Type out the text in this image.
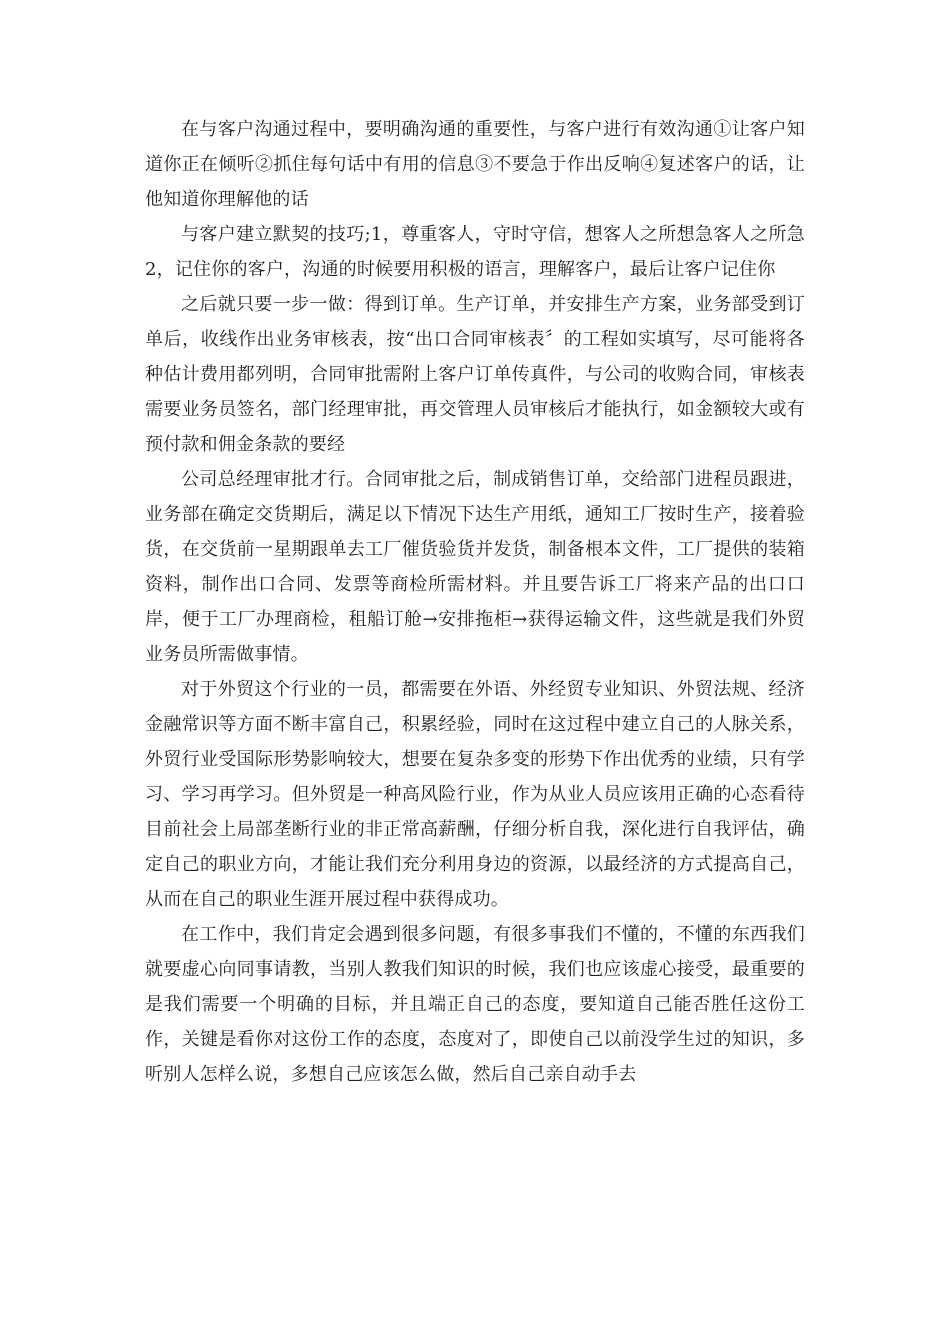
在与客户沟通过程中，要明确沟通的重要性，与客户进行有效沟通①让客户知道你正在倾听②抓住每句话中有用的信息③不要急于作出反响④复述客户的话，让他知道你理解他的话

与客户建立默契的技巧;1，尊重客人，守时守信，想客人之所想急客人之所急2，记住你的客户，沟通的时候要用积极的语言，理解客户，最后让客户记住你

之后就只要一步一做：得到订单。生产订单，并安排生产方案，业务部受到订单后，收线作出业务审核表，按“出口合同审核表〞的工程如实填写，尽可能将各种估计费用都列明，合同审批需附上客户订单传真件，与公司的收购合同，审核表需要业务员签名，部门经理审批，再交管理人员审核后才能执行，如金额较大或有预付款和佣金条款的要经

公司总经理审批才行。合同审批之后，制成销售订单，交给部门进程员跟进，业务部在确定交货期后，满足以下情况下达生产用纸，通知工厂按时生产，接着验货，在交货前一星期跟单去工厂催货验货并发货，制备根本文件，工厂提供的装箱资料，制作出口合同、发票等商检所需材料。并且要告诉工厂将来产品的出口口岸，便于工厂办理商检，租船订舱→安排拖柜→获得运输文件，这些就是我们外贸业务员所需做事情。

对于外贸这个行业的一员，都需要在外语、外经贸专业知识、外贸法规、经济金融常识等方面不断丰富自己，积累经验，同时在这过程中建立自己的人脉关系，外贸行业受国际形势影响较大，想要在复杂多变的形势下作出优秀的业绩，只有学习、学习再学习。但外贸是一种高风险行业，作为从业人员应该用正确的心态看待目前社会上局部垄断行业的非正常高薪酬，仔细分析自我，深化进行自我评估，确定自己的职业方向，才能让我们充分利用身边的资源，以最经济的方式提高自己，从而在自己的职业生涯开展过程中获得成功。

在工作中，我们肯定会遇到很多问题，有很多事我们不懂的，不懂的东西我们就要虚心向同事请教，当别人教我们知识的时候，我们也应该虚心接受，最重要的是我们需要一个明确的目标，并且端正自己的态度，要知道自己能否胜任这份工作，关键是看你对这份工作的态度，态度对了，即使自己以前没学生过的知识，多听别人怎样么说，多想自己应该怎么做，然后自己亲自动手去
